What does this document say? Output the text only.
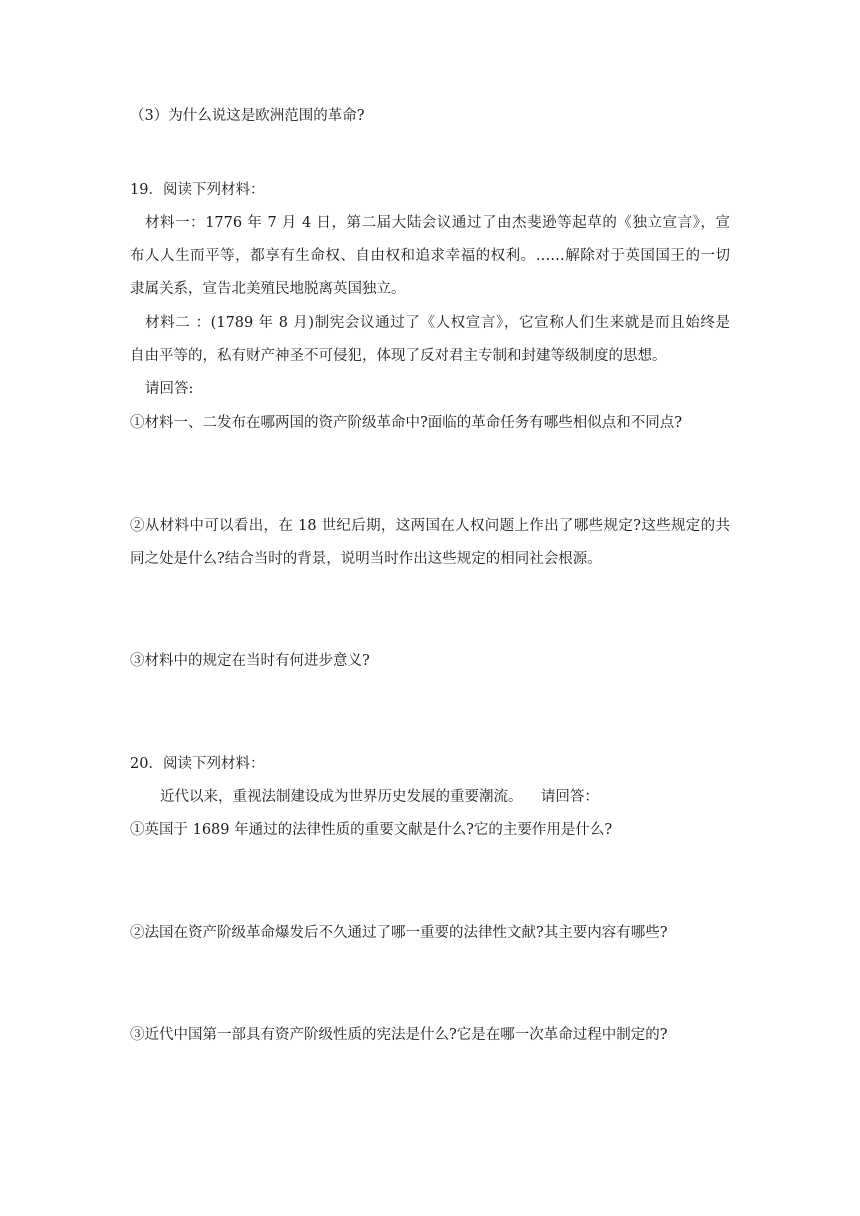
（3）为什么说这是欧洲范围的革命?
19．阅读下列材料：
材料一：1776 年 7 月 4 日，第二届大陆会议通过了由杰斐逊等起草的《独立宣言》，宣
布人人生而平等，都享有生命权、自由权和追求幸福的权利。……解除对于英国国王的一切
隶属关系，宣告北美殖民地脱离英国独立。
材料二 ：(1789 年 8 月)制宪会议通过了《人权宣言》，它宣称人们生来就是而且始终是
自由平等的，私有财产神圣不可侵犯，体现了反对君主专制和封建等级制度的思想。
请回答:
①材料一、二发布在哪两国的资产阶级革命中?面临的革命任务有哪些相似点和不同点?
②从材料中可以看出，在 18 世纪后期，这两国在人权问题上作出了哪些规定?这些规定的共
同之处是什么?结合当时的背景，说明当时作出这些规定的相同社会根源。
③材料中的规定在当时有何进步意义?
20．阅读下列材料：
近代以来，重视法制建设成为世界历史发展的重要潮流。    请回答：
①英国于 1689 年通过的法律性质的重要文献是什么?它的主要作用是什么?
②法国在资产阶级革命爆发后不久通过了哪一重要的法律性文献?其主要内容有哪些?
③近代中国第一部具有资产阶级性质的宪法是什么?它是在哪一次革命过程中制定的?
